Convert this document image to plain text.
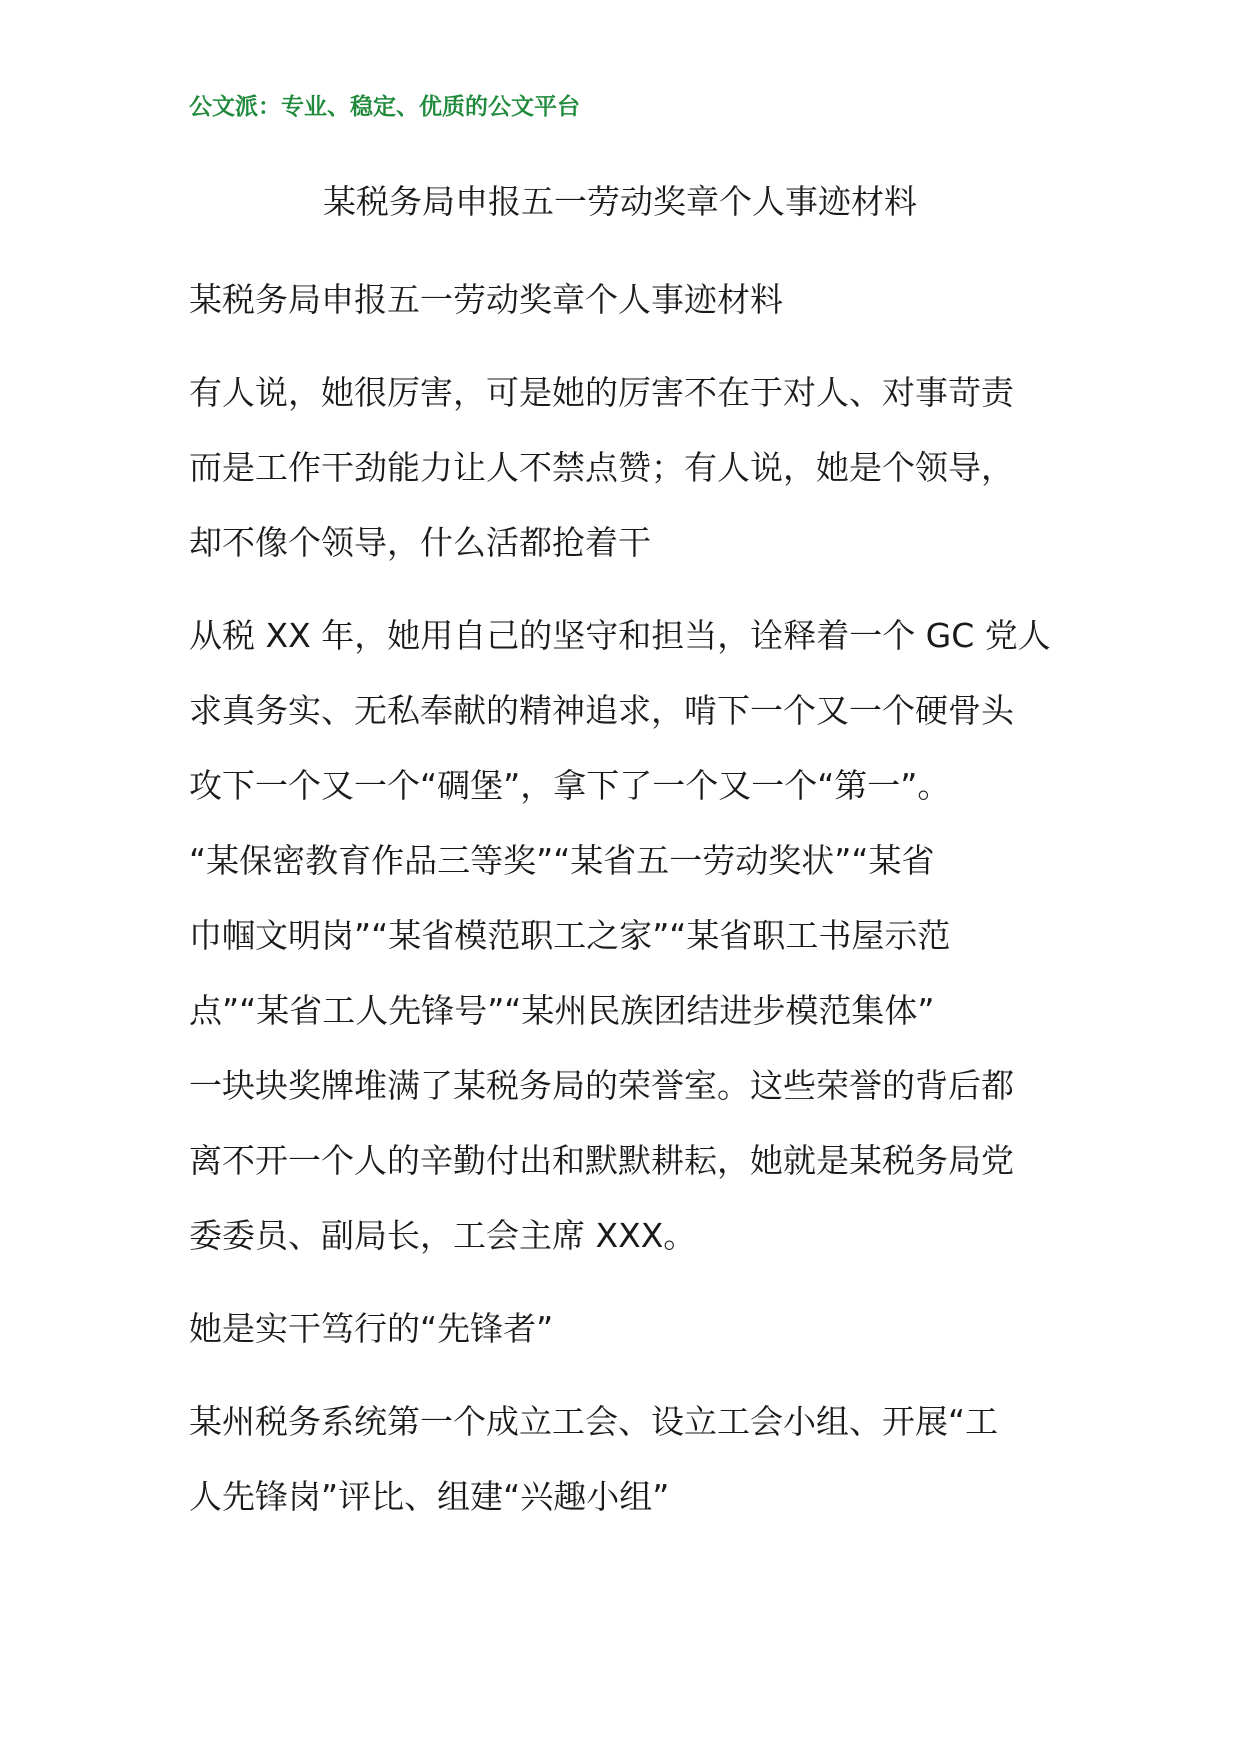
公文派：专业、稳定、优质的公文平台
某税务局申报五一劳动奖章个人事迹材料

某税务局申报五一劳动奖章个人事迹材料

有人说，她很厉害，可是她的厉害不在于对人、对事苛责
而是工作干劲能力让人不禁点赞；有人说，她是个领导，
却不像个领导，什么活都抢着干

从税 XX 年，她用自己的坚守和担当，诠释着一个 GC 党人
求真务实、无私奉献的精神追求，啃下一个又一个硬骨头
攻下一个又一个“碉堡”，拿下了一个又一个“第一”。
“某保密教育作品三等奖”“某省五一劳动奖状”“某省
巾帼文明岗”“某省模范职工之家”“某省职工书屋示范
点”“某省工人先锋号”“某州民族团结进步模范集体”
一块块奖牌堆满了某税务局的荣誉室。这些荣誉的背后都
离不开一个人的辛勤付出和默默耕耘，她就是某税务局党
委委员、副局长，工会主席 XXX。

她是实干笃行的“先锋者”

某州税务系统第一个成立工会、设立工会小组、开展“工
人先锋岗”评比、组建“兴趣小组”
